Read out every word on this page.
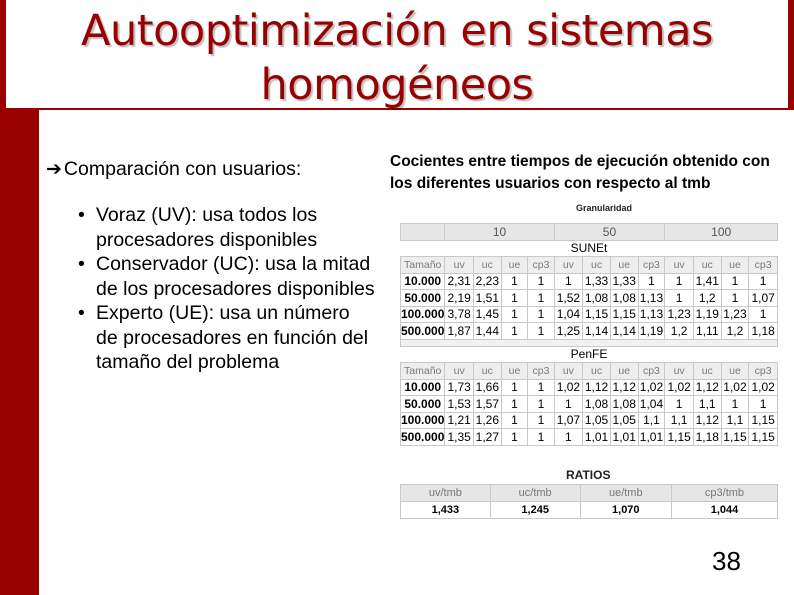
Autooptimización en sistemas
homogéneos
➔ Comparación con usuarios:
• Voraz (UV): usa todos los procesadores disponibles
• Conservador (UC): usa la mitad de los procesadores disponibles
• Experto (UE): usa un número de procesadores en función del tamaño del problema
Cocientes entre tiempos de ejecución obtenido con los diferentes usuarios con respecto al tmb
Granularidad
	10				50				100			
SUNEt												
Tamaño	uv	uc	ue	cp3	uv	uc	ue	cp3	uv	uc	ue	cp3
10.000	2,31	2,23	1	1	1	1,33	1,33	1	1	1,41	1	1
50.000	2,19	1,51	1	1	1,52	1,08	1,08	1,13	1	1,2	1	1,07
100.000	3,78	1,45	1	1	1,04	1,15	1,15	1,13	1,23	1,19	1,23	1
500.000	1,87	1,44	1	1	1,25	1,14	1,14	1,19	1,2	1,11	1,2	1,18

PenFE												
Tamaño	uv	uc	ue	cp3	uv	uc	ue	cp3	uv	uc	ue	cp3
10.000	1,73	1,66	1	1	1,02	1,12	1,12	1,02	1,02	1,12	1,02	1,02
50.000	1,53	1,57	1	1	1	1,08	1,08	1,04	1	1,1	1	1
100.000	1,21	1,26	1	1	1,07	1,05	1,05	1,1	1,1	1,12	1,1	1,15
500.000	1,35	1,27	1	1	1	1,01	1,01	1,01	1,15	1,18	1,15	1,15
RATIOS
uv/tmb	uc/tmb	ue/tmb	cp3/tmb
1,433	1,245	1,070	1,044
38
